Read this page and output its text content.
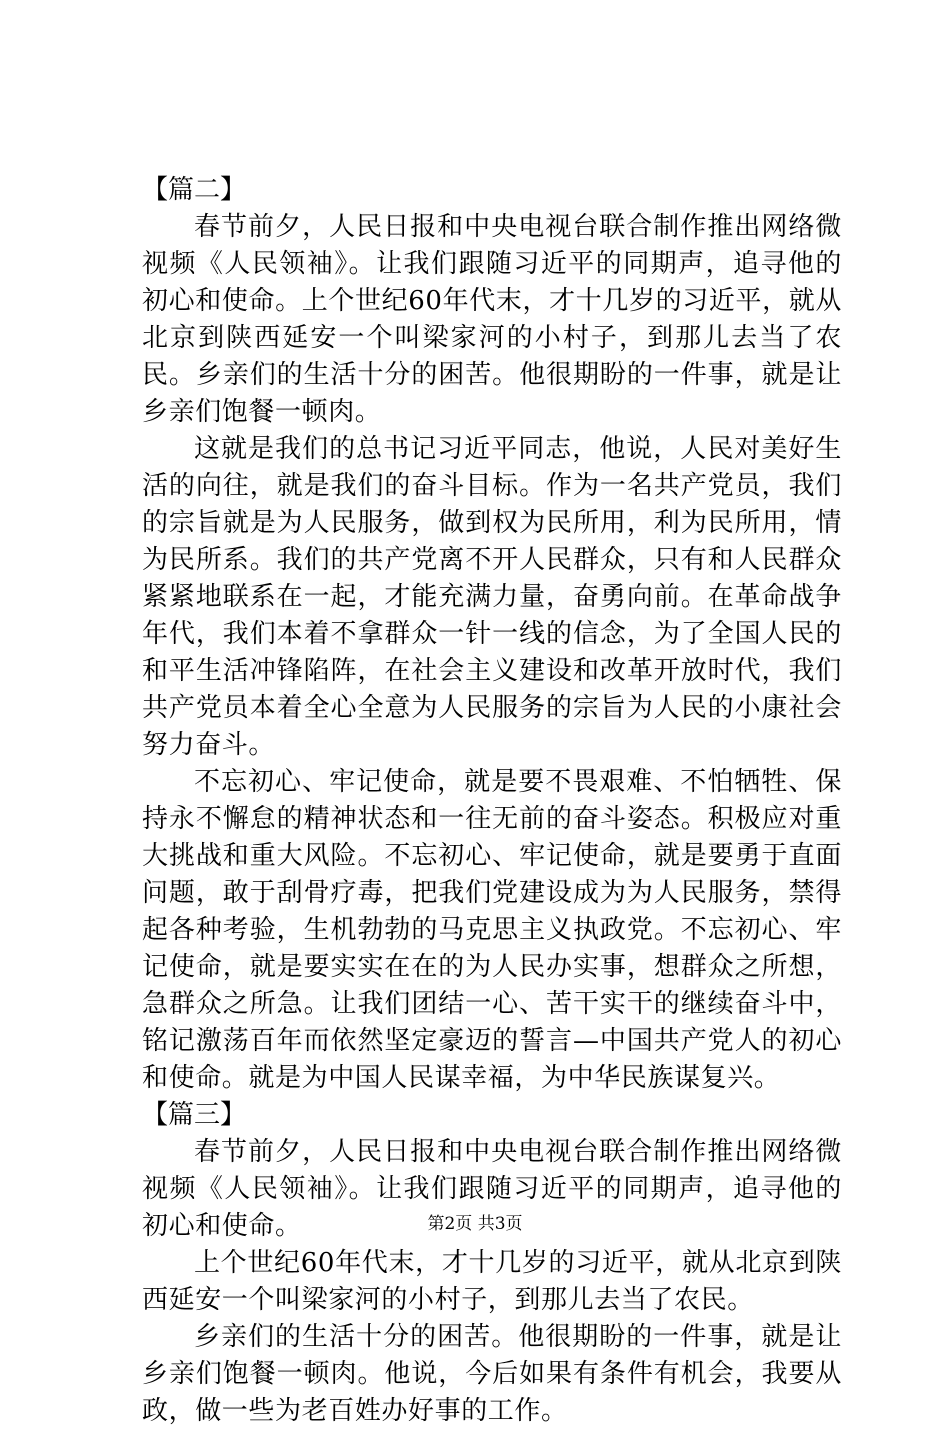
【篇二】

春节前夕，人民日报和中央电视台联合制作推出网络微视频《人民领袖》。让我们跟随习近平的同期声，追寻他的初心和使命。上个世纪60年代末，才十几岁的习近平，就从北京到陕西延安一个叫梁家河的小村子，到那儿去当了农民。乡亲们的生活十分的困苦。他很期盼的一件事，就是让乡亲们饱餐一顿肉。

这就是我们的总书记习近平同志，他说，人民对美好生活的向往，就是我们的奋斗目标。作为一名共产党员，我们的宗旨就是为人民服务，做到权为民所用，利为民所用，情为民所系。我们的共产党离不开人民群众，只有和人民群众紧紧地联系在一起，才能充满力量，奋勇向前。在革命战争年代，我们本着不拿群众一针一线的信念，为了全国人民的和平生活冲锋陷阵，在社会主义建设和改革开放时代，我们共产党员本着全心全意为人民服务的宗旨为人民的小康社会努力奋斗。

不忘初心、牢记使命，就是要不畏艰难、不怕牺牲、保持永不懈怠的精神状态和一往无前的奋斗姿态。积极应对重大挑战和重大风险。不忘初心、牢记使命，就是要勇于直面问题，敢于刮骨疗毒，把我们党建设成为为人民服务，禁得起各种考验，生机勃勃的马克思主义执政党。不忘初心、牢记使命，就是要实实在在的为人民办实事，想群众之所想，急群众之所急。让我们团结一心、苦干实干的继续奋斗中，铭记激荡百年而依然坚定豪迈的誓言—中国共产党人的初心和使命。就是为中国人民谋幸福，为中华民族谋复兴。

【篇三】

春节前夕，人民日报和中央电视台联合制作推出网络微视频《人民领袖》。让我们跟随习近平的同期声，追寻他的初心和使命。

上个世纪60年代末，才十几岁的习近平，就从北京到陕西延安一个叫梁家河的小村子，到那儿去当了农民。

乡亲们的生活十分的困苦。他很期盼的一件事，就是让乡亲们饱餐一顿肉。他说，今后如果有条件有机会，我要从政，做一些为老百姓办好事的工作。

第2页 共3页
